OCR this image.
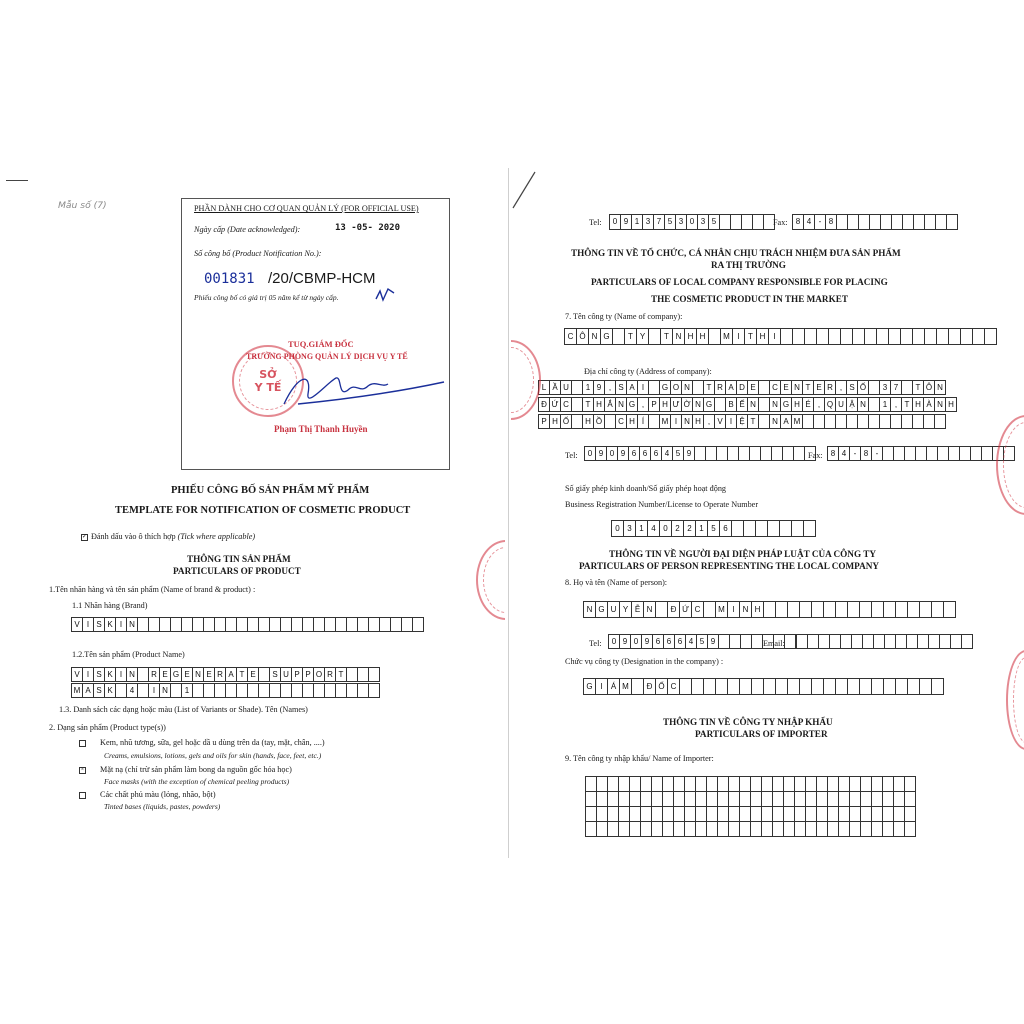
Mẫu số (7)	PHẦN DÀNH CHO CƠ QUAN QUẢN LÝ (FOR OFFICIAL USE)
Ngày cấp (Date acknowledged):	13 -05- 2020
Số công bố (Product Notification No.):
001831 /20/CBMP-HCM
Phiếu công bố có giá trị 05 năm kể từ ngày cấp.
TUQ.GIÁM ĐỐC
TRƯỞNG PHÒNG QUẢN LÝ DỊCH VỤ Y TẾ
SỞ
Y TẾ
Phạm Thị Thanh Huyền
PHIẾU CÔNG BỐ SẢN PHẨM MỸ PHẨM
TEMPLATE FOR NOTIFICATION OF COSMETIC PRODUCT
✓ Đánh dấu vào ô thích hợp (Tick where applicable)
THÔNG TIN SẢN PHẨM
PARTICULARS OF PRODUCT
1.Tên nhãn hàng và tên sản phẩm (Name of brand & product) :
1.1 Nhãn hàng (Brand)
V I S K I N
1.2.Tên sản phẩm (Product Name)
V I S K I N	R E G E N E R A T E	S U P P O R T
M A S K	4	I N	1
1.3. Danh sách các dạng hoặc màu (List of Variants or Shade). Tên (Names)
2. Dạng sản phẩm (Product type(s))
Kem, nhũ tương, sữa, gel hoặc dầ u dùng trên da (tay, mặt, chân, ....)
Creams, emulsions, lotions, gels and oils for skin (hands, face, feet, etc.)
× Mặt nạ (chỉ trừ sản phẩm làm bong da nguồn gốc hóa học)
Face masks (with the exception of chemical peeling products)
Các chất phủ màu (lỏng, nhão, bột)
Tinted bases (liquids, pastes, powders)
Tel:	0 9 1 3 7 5 3 0 3 5	Fax:	8 4 - 8
THÔNG TIN VỀ TỔ CHỨC, CÁ NHÂN CHỊU TRÁCH NHIỆM ĐƯA SẢN PHẨM
RA THỊ TRƯỜNG
PARTICULARS OF LOCAL COMPANY RESPONSIBLE FOR PLACING
THE COSMETIC PRODUCT IN THE MARKET
7. Tên công ty (Name of company):
C Ô N G	T Y	T N H H	M I	T H I
Địa chỉ công ty (Address of company):
L Ầ U	1 9 , S A I	G O N	T R A D E	C E N T E R , S Ố	3 7	T Ô N
Đ Ứ C	T H Ắ N G , P H Ư Ờ N G	B Ế N	N G H É , Q U Ậ N	1 , T H À N H
P H Ố	H Ồ	C H Í	M I N H , V I Ệ T	N A M
Tel:	0 9 0 9 6 6 6 4 5 9	Fax:	8 4 - 8 -
Số giấy phép kinh doanh/Số giấy phép hoạt động
Business Registration Number/License to Operate Number
0 3 1 4 0 2 2 1 5 6
THÔNG TIN VỀ NGƯỜI ĐẠI DIỆN PHÁP LUẬT CỦA CÔNG TY
PARTICULARS OF PERSON REPRESENTING THE LOCAL COMPANY
8. Họ và tên (Name of person):
N G U Y Ễ N	Đ Ứ C	M I	N H
Tel:	0 9 0 9 6 6 6 4 5 9	Email:
Chức vụ công ty (Designation in the company) :
G I	Á M	Đ Ố C
THÔNG TIN VỀ CÔNG TY NHẬP KHẨU
PARTICULARS OF IMPORTER
9. Tên công ty nhập khẩu/ Name of Importer:
